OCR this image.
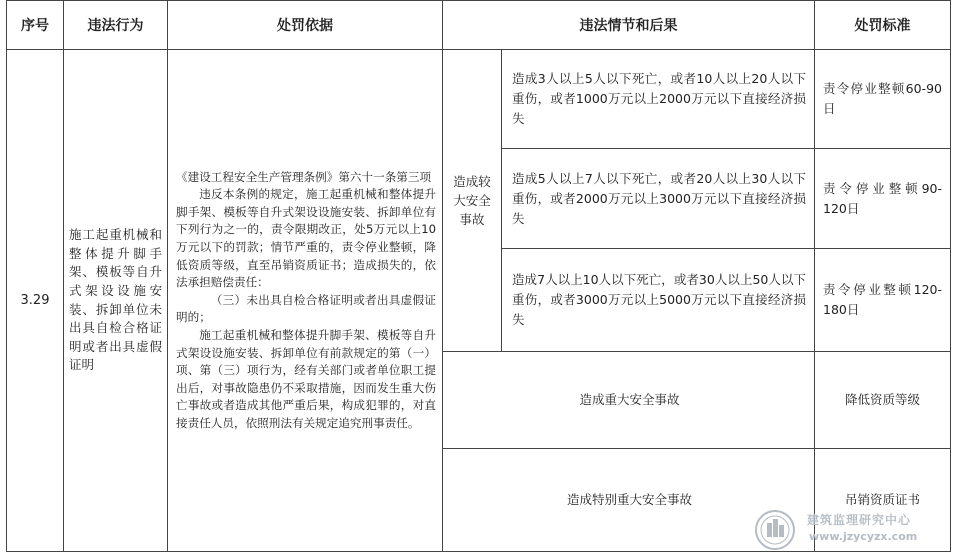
序号	违法行为	处罚依据	违法情节和后果		处罚标准
3.29	施工起重机械和整体提升脚手架、模板等自升式架设设施安装、拆卸单位未出具自检合格证明或者出具虚假证明	《建设工程安全生产管理条例》第六十一条第三项

违反本条例的规定，施工起重机械和整体提升脚手架、模板等自升式架设设施安装、拆卸单位有下列行为之一的，责令限期改正，处5万元以上10万元以下的罚款；情节严重的，责令停业整顿，降低资质等级，直至吊销资质证书；造成损失的，依法承担赔偿责任：

（三）未出具自检合格证明或者出具虚假证明的；

施工起重机械和整体提升脚手架、模板等自升式架设设施安装、拆卸单位有前款规定的第（一）项、第（三）项行为，经有关部门或者单位职工提出后，对事故隐患仍不采取措施，因而发生重大伤亡事故或者造成其他严重后果，构成犯罪的，对直接责任人员，依照刑法有关规定追究刑事责任。	造成较大安全事故	造成3人以上5人以下死亡，或者10人以上20人以下重伤，或者1000万元以上2000万元以下直接经济损失	责令停业整顿60-90日
				造成5人以上7人以下死亡，或者20人以上30人以下重伤，或者2000万元以上3000万元以下直接经济损失	责令停业整顿90-120日
				造成7人以上10人以下死亡，或者30人以上50人以下重伤，或者3000万元以上5000万元以下直接经济损失	责令停业整顿120-180日
			造成重大安全事故		降低资质等级
			造成特别重大安全事故		吊销资质证书
建筑监理研究中心
www.jzycyzx.com
